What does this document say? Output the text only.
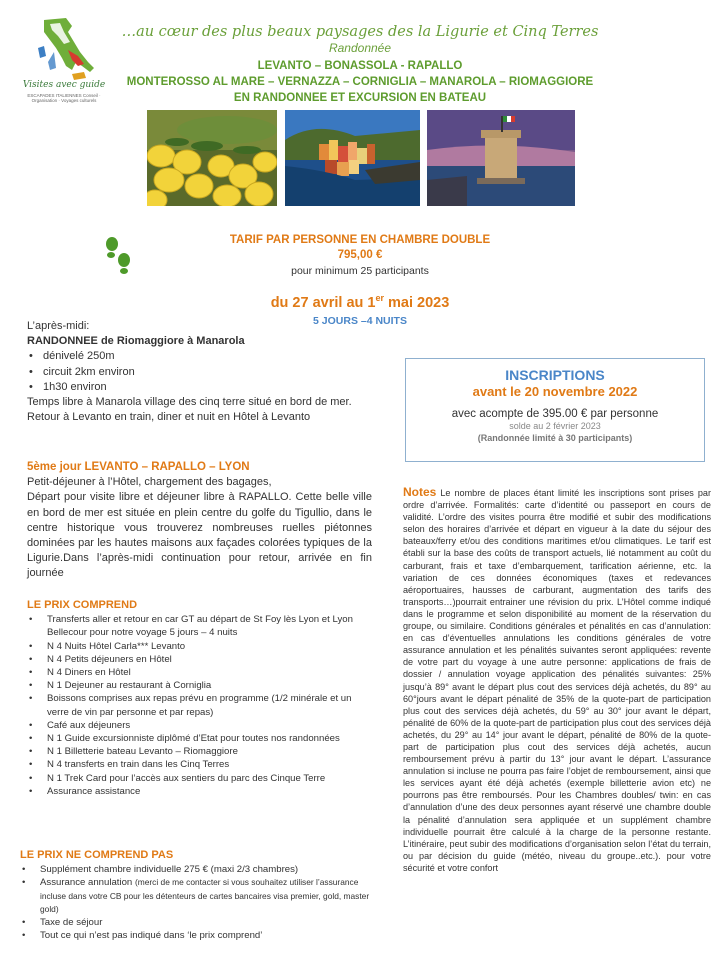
Visites avec guide
ESCAPADES ITALIENNES Conseil · Organisation · Voyages culturels
…au cœur des plus beaux paysages des la Ligurie et Cinq Terres
Randonnée
LEVANTO – BONASSOLA - RAPALLO
MONTEROSSO AL MARE – VERNAZZA – CORNIGLIA – MANAROLA – RIOMAGGIORE
EN RANDONNEE ET EXCURSION EN BATEAU
TARIF PAR PERSONNE EN CHAMBRE DOUBLE
795,00 €
pour minimum 25 participants
du 27 avril au 1er mai 2023
5 JOURS –4 NUITS

L’après-midi:

RANDONNEE de Riomaggiore à Manarola

• dénivelé 250m
• circuit 2km environ
• 1h30 environ

Temps libre à Manarola village des cinq terre situé en bord de mer.

Retour à Levanto en train, diner et nuit en Hôtel à Levanto

5ème jour LEVANTO – RAPALLO – LYON

Petit-déjeuner à l’Hôtel, chargement des bagages,

Départ pour visite libre et déjeuner libre à RAPALLO. Cette belle ville en bord de mer est située en plein centre du golfe du Tigullio, dans le centre historique vous trouverez nombreuses ruelles piétonnes dominées par les hautes maisons aux façades colorées typiques de la Ligurie.Dans l’après-midi continuation pour retour, arrivée en fin journée

LE PRIX COMPREND

• Transferts aller et retour en car GT au départ de St Foy lès Lyon et Lyon Bellecour pour notre voyage 5 jours – 4 nuits
• N 4 Nuits Hôtel Carla*** Levanto
• N 4 Petits déjeuners en Hôtel
• N 4 Diners en Hôtel
• N 1 Dejeuner au restaurant à Corniglia
• Boissons comprises aux repas prévu en programme (1/2 minérale et un verre de vin par personne et par repas)
• Café aux déjeuners
• N 1 Guide excursionniste diplômé d’Etat pour toutes nos randonnées
• N 1 Billetterie bateau Levanto – Riomaggiore
• N 4 transferts en train dans les Cinq Terres
• N 1 Trek Card pour l’accès aux sentiers du parc des Cinque Terre
• Assurance assistance

LE PRIX NE COMPREND PAS

• Supplément chambre individuelle 275 € (maxi 2/3 chambres)
• Assurance annulation (merci de me contacter si vous souhaitez utiliser l’assurance incluse dans votre CB pour les détenteurs de cartes bancaires visa premier, gold, master gold)
• Taxe de séjour
• Tout ce qui n’est pas indiqué dans ‘le prix comprend’
INSCRIPTIONS
avant le 20 novembre 2022
avec acompte de 395.00 € par personne
solde au 2 février 2023
(Randonnée limité à 30 participants)
Notes Le nombre de places étant limité les inscriptions sont prises par ordre d’arrivée. Formalités: carte d’identité ou passeport en cours de validité. L’ordre des visites pourra être modifié et subir des modifications selon des horaires d’arrivée et départ en vigueur à la date du séjour des bateaux/ferry et/ou des conditions maritimes et/ou climatiques. Le tarif est établi sur la base des coûts de transport actuels, lié notamment au coût du carburant, frais et taxe d’embarquement, tarification aérienne, etc. la variation de ces données économiques (taxes et redevances aéroportuaires, hausses de carburant, augmentation des tarifs des transports…)pourrait entrainer une révision du prix. L’Hôtel comme indiqué dans le programme et selon disponibilité au moment de la réservation du groupe, ou similaire. Conditions générales et pénalités en cas d’annulation: en cas d’éventuelles annulations les conditions générales de votre assurance annulation et les pénalités suivantes seront appliquées: revente de votre part du voyage à une autre personne: applications de frais de dossier / annulation voyage application des pénalités suivantes: 25% jusqu’à 89° avant le départ plus cout des services déjà achetés, du 89° au 60°jours avant le départ pénalité de 35% de la quote-part de participation plus cout des services déjà achetés, du 59° au 30° jour avant le départ, pénalité de 60% de la quote-part de participation plus cout des services déjà achetés, du 29° au 14° jour avant le départ, pénalité de 80% de la quote-part de participation plus cout des services déjà achetés, aucun remboursement prévu à partir du 13° jour avant le départ. L’assurance annulation si incluse ne pourra pas faire l’objet de remboursement, ainsi que les services ayant été déjà achetés (exemple billetterie avion etc) ne pourrons pas être remboursés. Pour les Chambres doubles/ twin: en cas d’annulation d’une des deux personnes ayant réservé une chambre double la pénalité d’annulation sera appliquée et un supplément chambre individuelle pourrait être calculé à la charge de la personne restante. L’itinéraire, peut subir des modifications d’organisation selon l’état du terrain, ou par décision du guide (météo, niveau du groupe..etc.). pour votre sécurité et votre confort
